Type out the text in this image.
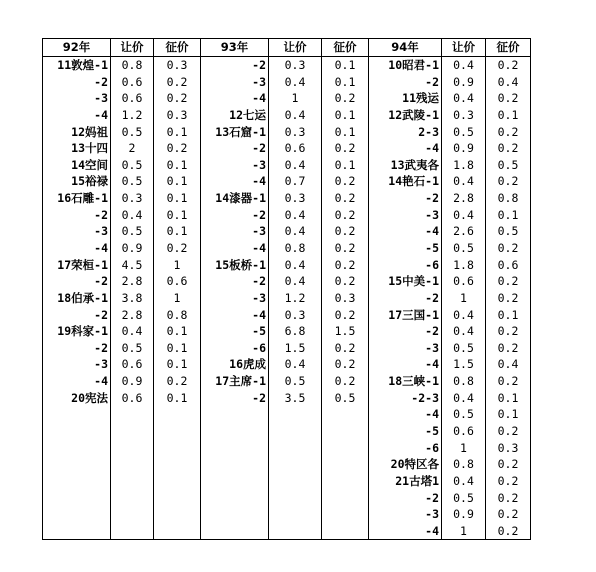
92年	让价	征价	93年	让价	征价	94年	让价	征价
11敦煌-1	0.8	0.3	-2	0.3	0.1	10昭君-1	0.4	0.2
-2	0.6	0.2	-3	0.4	0.1	-2	0.9	0.4
-3	0.6	0.2	-4	1	0.2	11残运	0.4	0.2
-4	1.2	0.3	12七运	0.4	0.1	12武陵-1	0.3	0.1
12妈祖	0.5	0.1	13石窟-1	0.3	0.1	2-3	0.5	0.2
13十四	2	0.2	-2	0.6	0.2	-4	0.9	0.2
14空间	0.5	0.1	-3	0.4	0.1	13武夷各	1.8	0.5
15裕禄	0.5	0.1	-4	0.7	0.2	14艳石-1	0.4	0.2
16石雕-1	0.3	0.1	14漆器-1	0.3	0.2	-2	2.8	0.8
-2	0.4	0.1	-2	0.4	0.2	-3	0.4	0.1
-3	0.5	0.1	-3	0.4	0.2	-4	2.6	0.5
-4	0.9	0.2	-4	0.8	0.2	-5	0.5	0.2
17荣桓-1	4.5	1	15板桥-1	0.4	0.2	-6	1.8	0.6
-2	2.8	0.6	-2	0.4	0.2	15中美-1	0.6	0.2
18伯承-1	3.8	1	-3	1.2	0.3	-2	1	0.2
-2	2.8	0.8	-4	0.3	0.2	17三国-1	0.4	0.1
19科家-1	0.4	0.1	-5	6.8	1.5	-2	0.4	0.2
-2	0.5	0.1	-6	1.5	0.2	-3	0.5	0.2
-3	0.6	0.1	16虎成	0.4	0.2	-4	1.5	0.4
-4	0.9	0.2	17主席-1	0.5	0.2	18三峡-1	0.8	0.2
20宪法	0.6	0.1	-2	3.5	0.5	-2-3	0.4	0.1
						-4	0.5	0.1
						-5	0.6	0.2
						-6	1	0.3
						20特区各	0.8	0.2
						21古塔1	0.4	0.2
						-2	0.5	0.2
						-3	0.9	0.2
						-4	1	0.2
